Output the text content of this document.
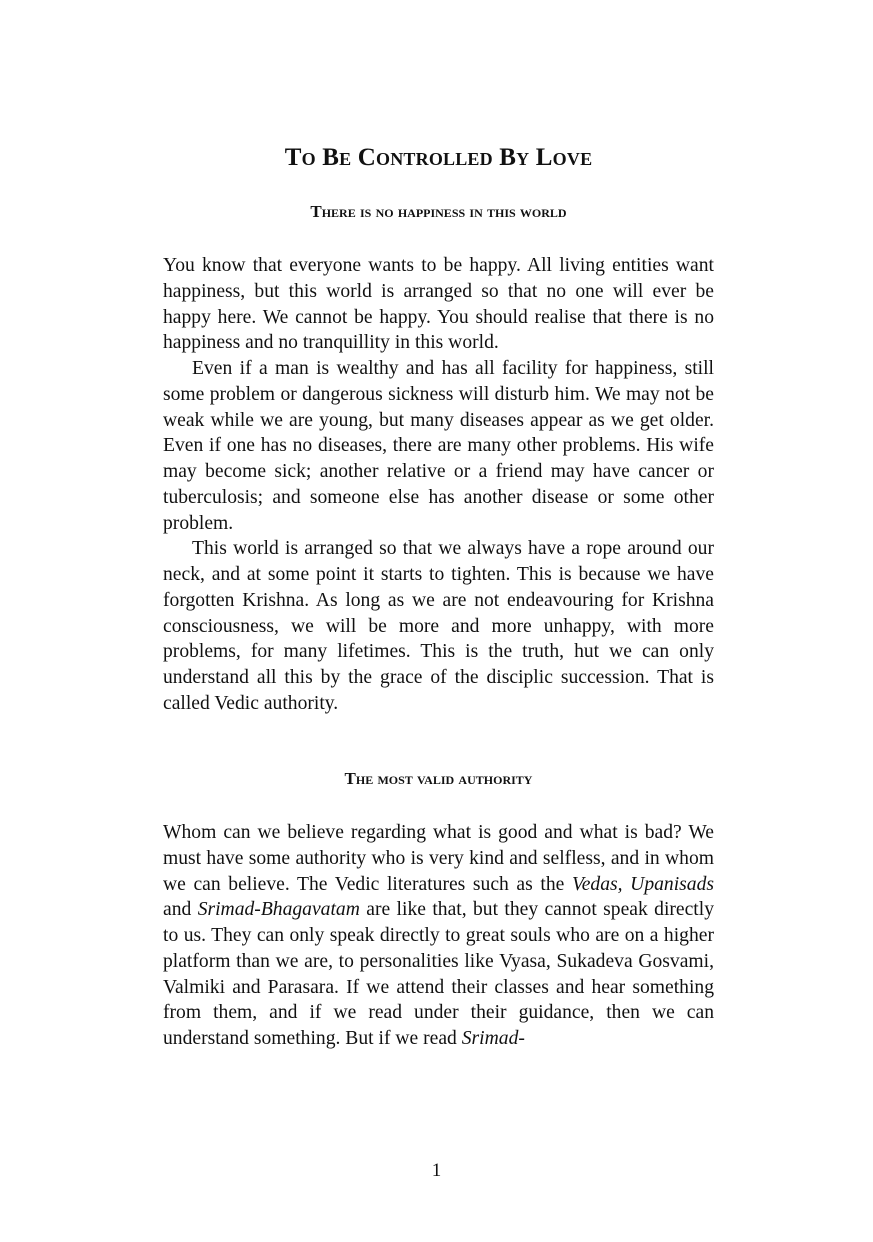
To Be Controlled By Love
There is no happiness in this world

You know that everyone wants to be happy. All living entities want happiness, but this world is arranged so that no one will ever be happy here. We cannot be happy. You should realise that there is no happiness and no tranquillity in this world.

Even if a man is wealthy and has all facility for happiness, still some problem or dangerous sickness will disturb him. We may not be weak while we are young, but many diseases appear as we get older. Even if one has no diseases, there are many other problems. His wife may become sick; another relative or a friend may have cancer or tuberculosis; and someone else has another disease or some other problem.

This world is arranged so that we always have a rope around our neck, and at some point it starts to tighten. This is because we have forgotten Krishna. As long as we are not endeavouring for Krishna consciousness, we will be more and more unhappy, with more problems, for many lifetimes. This is the truth, hut we can only understand all this by the grace of the disciplic succession. That is called Vedic authority.

The most valid authority

Whom can we believe regarding what is good and what is bad? We must have some authority who is very kind and selfless, and in whom we can believe. The Vedic literatures such as the Vedas, Upanisads and Srimad-Bhagavatam are like that, but they cannot speak directly to us. They can only speak directly to great souls who are on a higher platform than we are, to personalities like Vyasa, Sukadeva Gosvami, Valmiki and Parasara. If we attend their classes and hear something from them, and if we read under their guidance, then we can understand something. But if we read Srimad-

1
